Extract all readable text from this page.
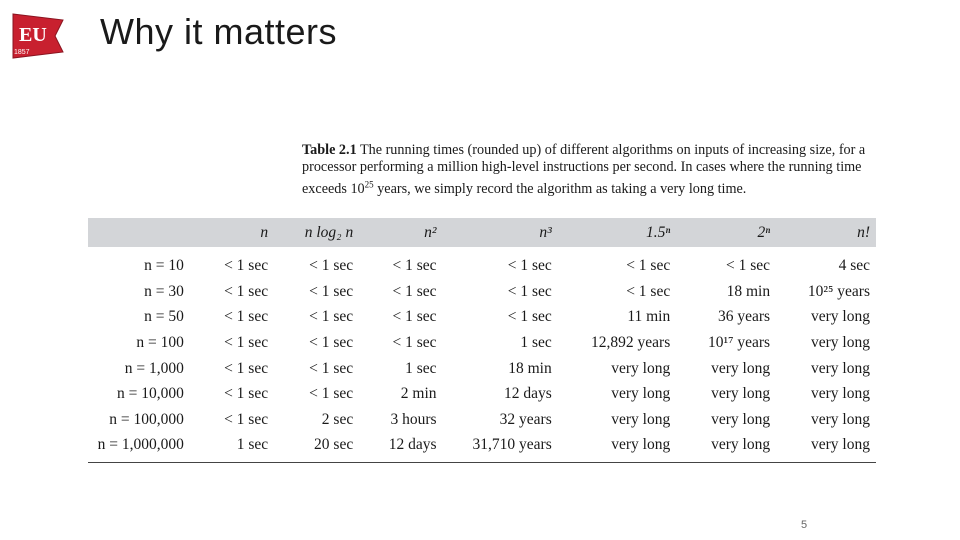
EU
1857
Why it matters
Table 2.1 The running times (rounded up) of different algorithms on inputs of increasing size, for a processor performing a million high-level instructions per second. In cases where the running time exceeds $10^{25}$ years, we simply record the algorithm as taking a very long time.
	n	n log₂ n	n²	n³	1.5ⁿ	2ⁿ	n!
n = 10	< 1 sec	< 1 sec	< 1 sec	< 1 sec	< 1 sec	< 1 sec	4 sec
n = 30	< 1 sec	< 1 sec	< 1 sec	< 1 sec	< 1 sec	18 min	10²⁵ years
n = 50	< 1 sec	< 1 sec	< 1 sec	< 1 sec	11 min	36 years	very long
n = 100	< 1 sec	< 1 sec	< 1 sec	1 sec	12,892 years	10¹⁷ years	very long
n = 1,000	< 1 sec	< 1 sec	1 sec	18 min	very long	very long	very long
n = 10,000	< 1 sec	< 1 sec	2 min	12 days	very long	very long	very long
n = 100,000	< 1 sec	2 sec	3 hours	32 years	very long	very long	very long
n = 1,000,000	1 sec	20 sec	12 days	31,710 years	very long	very long	very long
5
